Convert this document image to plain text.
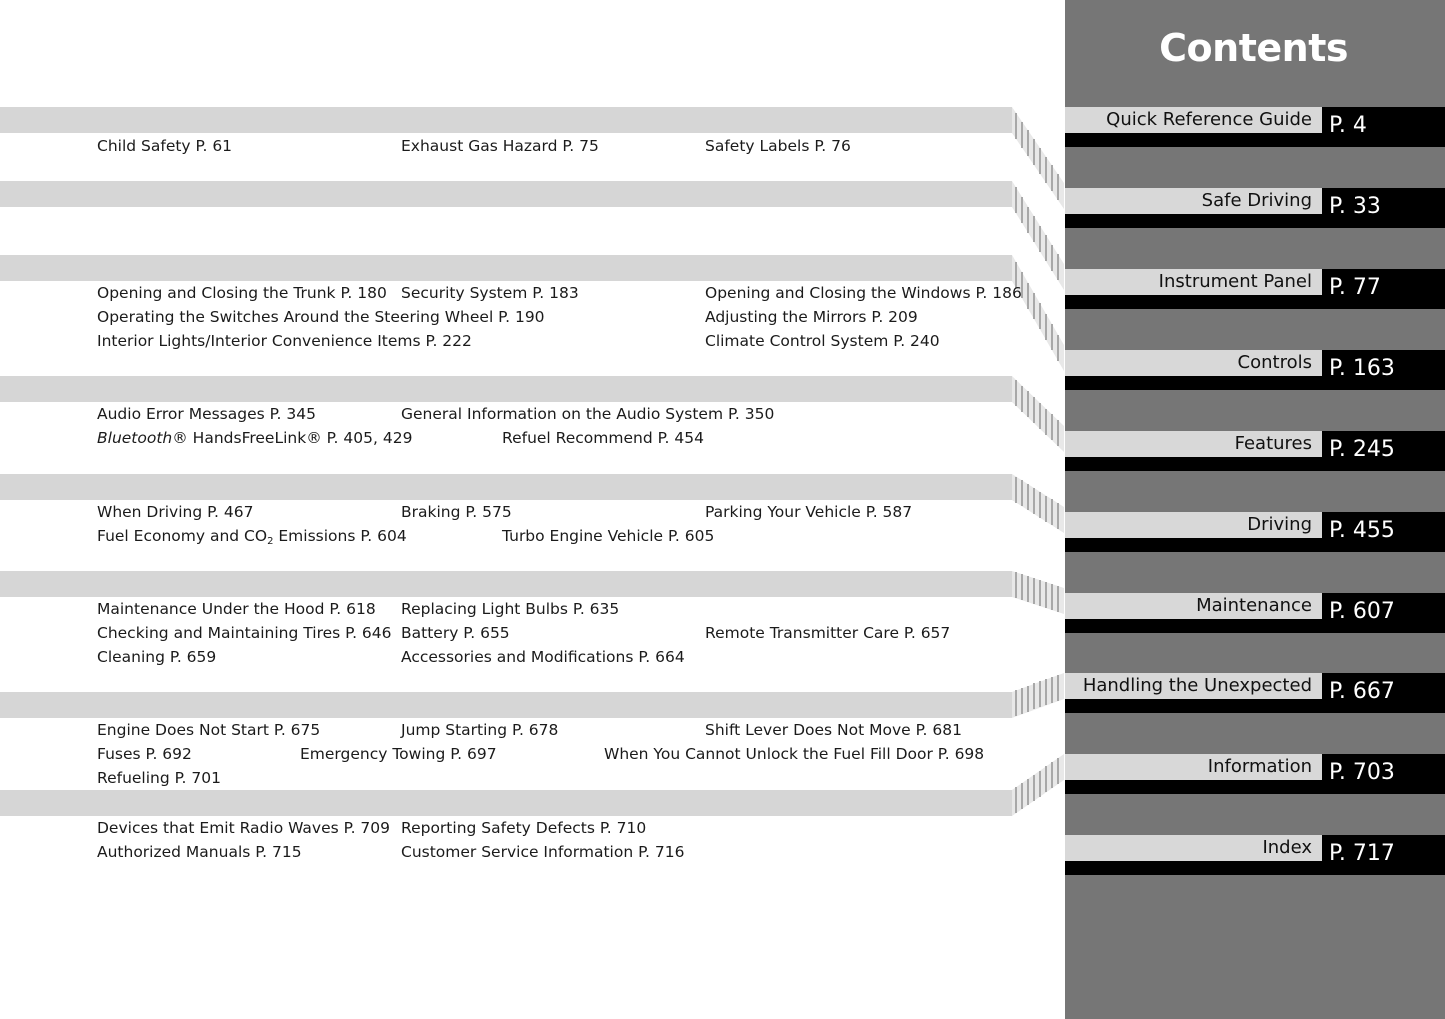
Child Safety P. 61	Exhaust Gas Hazard P. 75	Safety Labels P. 76
Opening and Closing the Trunk P. 180 Security System P. 183	Opening and Closing the Windows P. 186
Operating the Switches Around the Steering Wheel P. 190	Adjusting the Mirrors P. 209
Interior Lights/Interior Convenience Items P. 222	Climate Control System P. 240
Audio Error Messages P. 345	General Information on the Audio System P. 350
Bluetooth® HandsFreeLink® P. 405, 429	Refuel Recommend P. 454
When Driving P. 467	Braking P. 575	Parking Your Vehicle P. 587
Fuel Economy and $CO_2$ Emissions P. 604	Turbo Engine Vehicle P. 605
Maintenance Under the Hood P. 618 Replacing Light Bulbs P. 635
Checking and Maintaining Tires P. 646 Battery P. 655	Remote Transmitter Care P. 657
Cleaning P. 659	Accessories and Modifications P. 664
Engine Does Not Start P. 675	Jump Starting P. 678	Shift Lever Does Not Move P. 681
Fuses P. 692	Emergency Towing P. 697	When You Cannot Unlock the Fuel Fill Door P. 698
Refueling P. 701
Devices that Emit Radio Waves P. 709 Reporting Safety Defects P. 710
Authorized Manuals P. 715	Customer Service Information P. 716
Contents
Quick Reference Guide P. 4
Safe Driving P. 33
Instrument Panel P. 77
Controls P. 163
Features P. 245
Driving P. 455
Maintenance P. 607
Handling the Unexpected P. 667
Information P. 703
Index P. 717
